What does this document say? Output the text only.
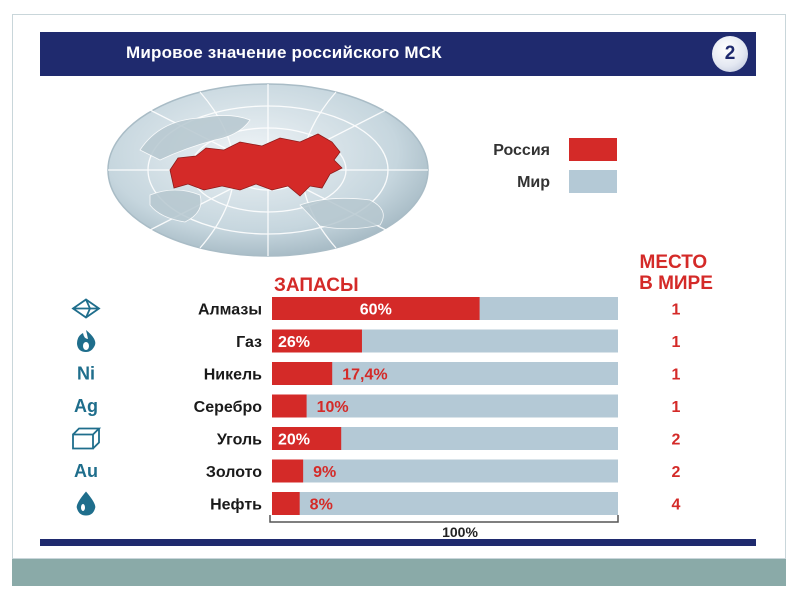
Мировое значение российского МСК	2
Россия
Мир
ЗАПАСЫ
МЕСТО В МИРЕ
Алмазы	60%	1
Газ 26%	1
Ni	Никель	17,4%	1
Ag	Серебро	10%	1
Уголь 20%	2
Au	Золото	9%	2
Нефть	8%	4
100%
